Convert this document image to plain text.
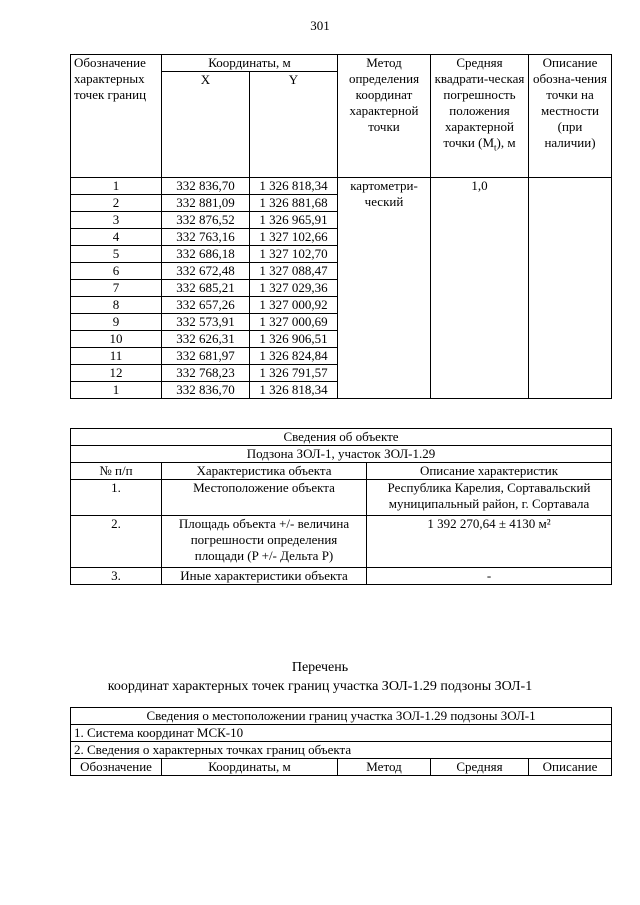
301
Обозначение характерных точек границ	Координаты, м		Метод определения координат характерной точки	Средняя квадрати-ческая погрешность положения характерной точки $(M_t)$, м	Описание обозна-чения точки на местности (при наличии)
	X	Y			
1	332 836,70	1 326 818,34	картометри-ческий	1,0	
2	332 881,09	1 326 881,68			
3	332 876,52	1 326 965,91			
4	332 763,16	1 327 102,66			
5	332 686,18	1 327 102,70			
6	332 672,48	1 327 088,47			
7	332 685,21	1 327 029,36			
8	332 657,26	1 327 000,92			
9	332 573,91	1 327 000,69			
10	332 626,31	1 326 906,51			
11	332 681,97	1 326 824,84			
12	332 768,23	1 326 791,57			
1	332 836,70	1 326 818,34			
Сведения об объекте		
Подзона ЗОЛ-1, участок ЗОЛ-1.29		
№ п/п	Характеристика объекта	Описание характеристик
1.	Местоположение объекта	Республика Карелия, Сортавальский муниципальный район, г. Сортавала
2.	Площадь объекта +/- величина погрешности определения площади (P +/- Дельта P)	1 392 270,64 ± 4130 м²
3.	Иные характеристики объекта	-
Перечень
координат характерных точек границ участка ЗОЛ-1.29 подзоны ЗОЛ-1
Сведения о местоположении границ участка ЗОЛ-1.29 подзоны ЗОЛ-1
1. Система координат МСК-10
2. Сведения о характерных точках границ объекта
Обозначение	Координаты, м	Метод	Средняя	Описание
